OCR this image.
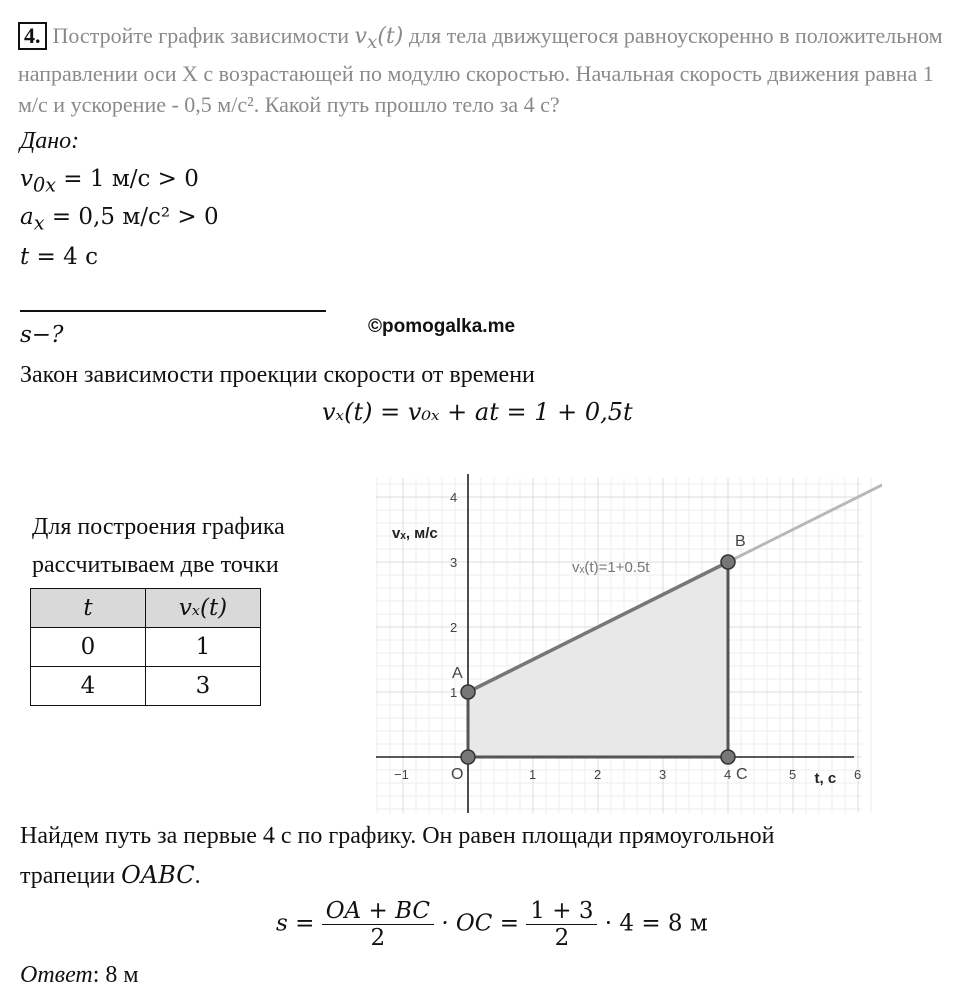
4. Постройте график зависимости $v_x(t)$ для тела движущегося равноускоренно в положительном направлении оси X с возрастающей по модулю скоростью. Начальная скорость движения равна 1 м/с и ускорение - 0,5 м/с². Какой путь прошло тело за 4 с?
Дано:
$v_{0x} = 1$ м/с > 0
$a_x = 0,5$ м/с² > 0
t = 4 с
s−?	©pomogalka.me
Закон зависимости проекции скорости от времени
vₓ(t) = v₀ₓ + at = 1 + 0,5t
Для построения графика
рассчитываем две точки
t	vₓ(t)
0	1
4	3
−1	1	2	3	4	5	6
1
2
3
4
A
B
C
O
vₓ, м/с
t, с
vₓ(t)=1+0.5t
Найдем путь за первые 4 с по графику. Он равен площади прямоугольной
трапеции OABC.
$s = \frac{OA + BC}{2}$ · OC = $\frac{1 + 3}{2} \cdot 4 = 8$ м
Ответ: 8 м
